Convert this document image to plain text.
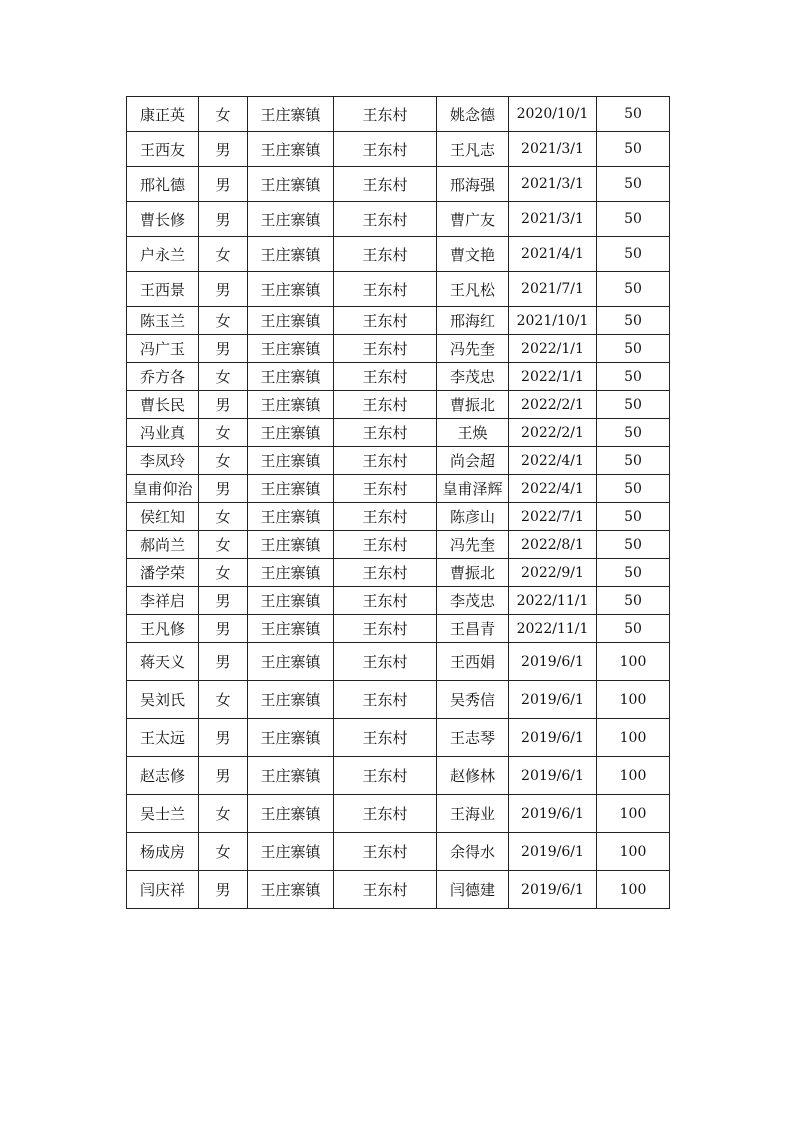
康正英	女	王庄寨镇	王东村	姚念德	2020/10/1	50
王西友	男	王庄寨镇	王东村	王凡志	2021/3/1	50
邢礼德	男	王庄寨镇	王东村	邢海强	2021/3/1	50
曹长修	男	王庄寨镇	王东村	曹广友	2021/3/1	50
户永兰	女	王庄寨镇	王东村	曹文艳	2021/4/1	50
王西景	男	王庄寨镇	王东村	王凡松	2021/7/1	50
陈玉兰	女	王庄寨镇	王东村	邢海红	2021/10/1	50
冯广玉	男	王庄寨镇	王东村	冯先奎	2022/1/1	50
乔方各	女	王庄寨镇	王东村	李茂忠	2022/1/1	50
曹长民	男	王庄寨镇	王东村	曹振北	2022/2/1	50
冯业真	女	王庄寨镇	王东村	王焕	2022/2/1	50
李凤玲	女	王庄寨镇	王东村	尚会超	2022/4/1	50
皇甫仰治	男	王庄寨镇	王东村	皇甫泽辉	2022/4/1	50
侯红知	女	王庄寨镇	王东村	陈彦山	2022/7/1	50
郝尚兰	女	王庄寨镇	王东村	冯先奎	2022/8/1	50
潘学荣	女	王庄寨镇	王东村	曹振北	2022/9/1	50
李祥启	男	王庄寨镇	王东村	李茂忠	2022/11/1	50
王凡修	男	王庄寨镇	王东村	王昌青	2022/11/1	50
蒋天义	男	王庄寨镇	王东村	王西娟	2019/6/1	100
吴刘氏	女	王庄寨镇	王东村	吴秀信	2019/6/1	100
王太远	男	王庄寨镇	王东村	王志琴	2019/6/1	100
赵志修	男	王庄寨镇	王东村	赵修林	2019/6/1	100
吴士兰	女	王庄寨镇	王东村	王海业	2019/6/1	100
杨成房	女	王庄寨镇	王东村	余得水	2019/6/1	100
闫庆祥	男	王庄寨镇	王东村	闫德建	2019/6/1	100
